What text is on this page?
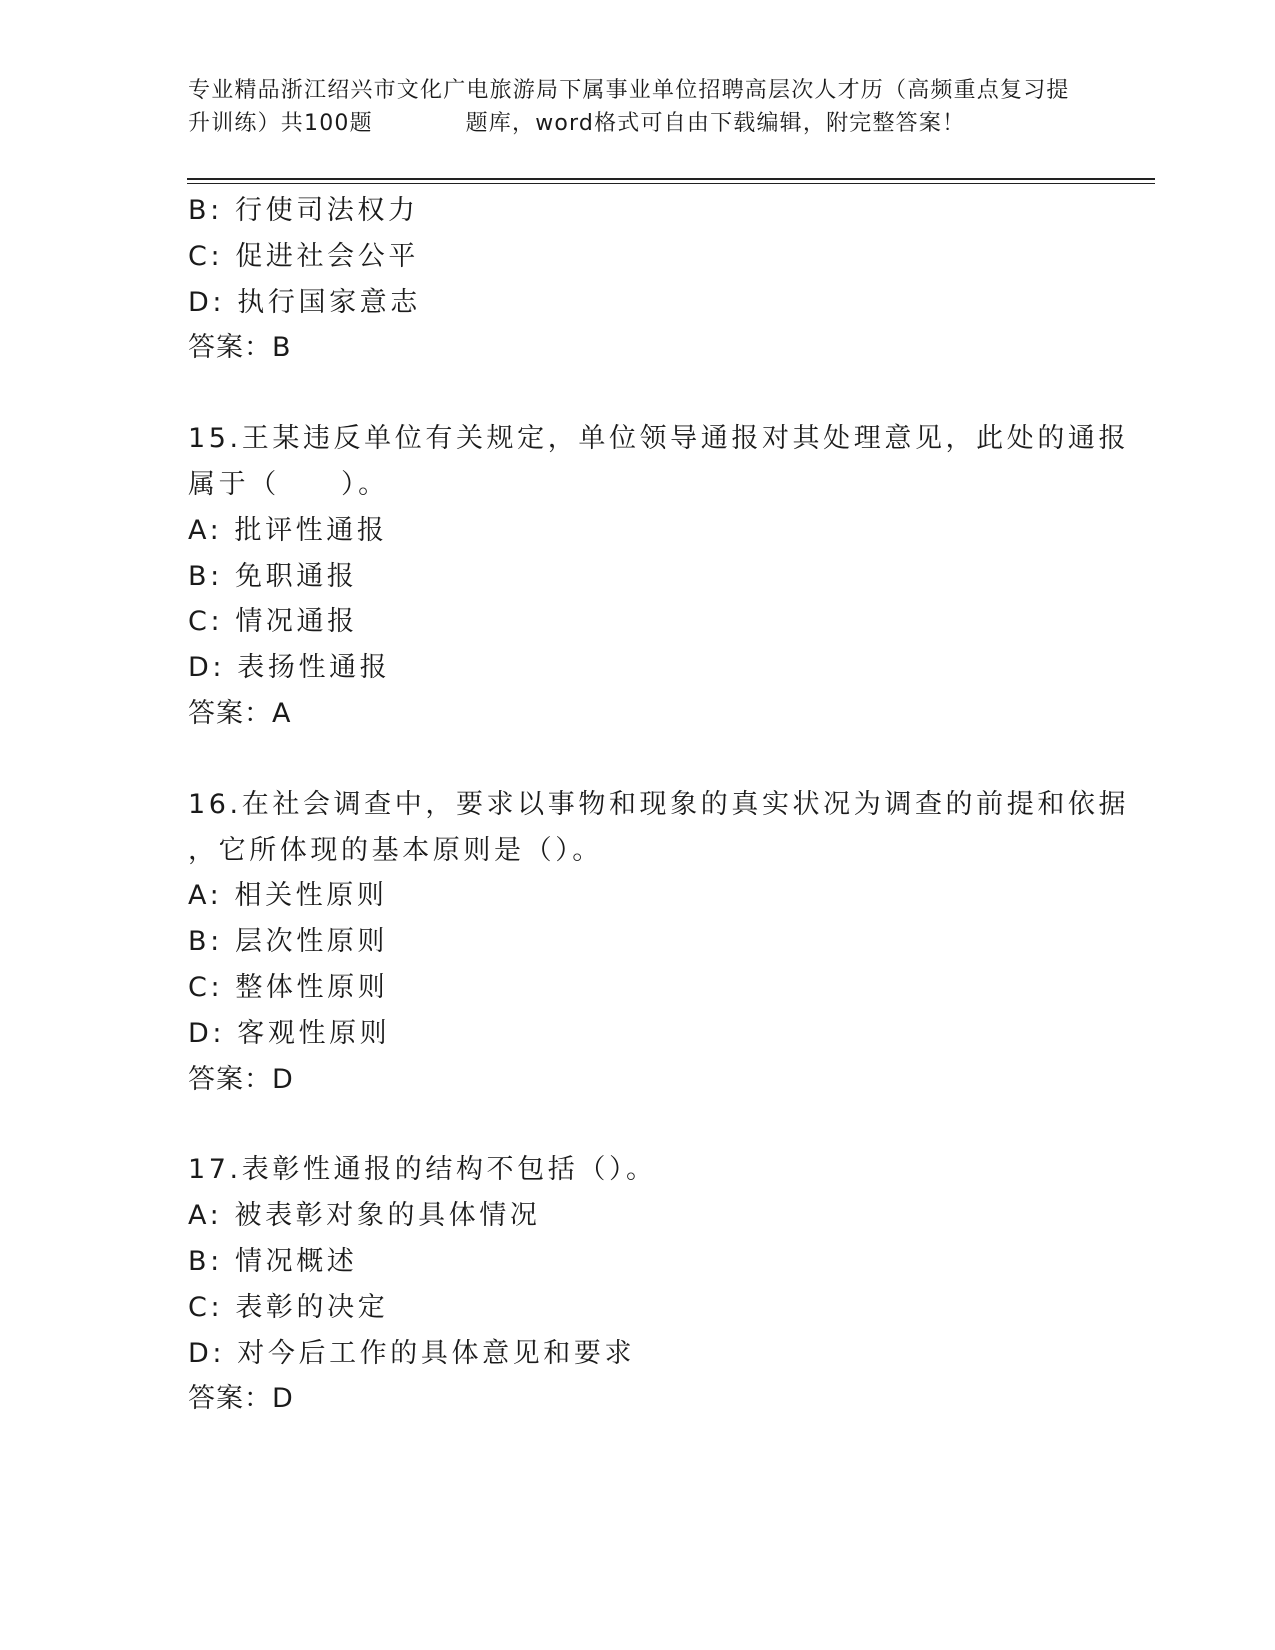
专业精品浙江绍兴市文化广电旅游局下属事业单位招聘高层次人才历（高频重点复习提升训练）共100题　　　　题库，word格式可自由下载编辑，附完整答案！
B: 行使司法权力
C: 促进社会公平
D: 执行国家意志
答案：B
15.王某违反单位有关规定，单位领导通报对其处理意见，此处的通报
属于（　　）。
A: 批评性通报
B: 免职通报
C: 情况通报
D: 表扬性通报
答案：A
16.在社会调查中，要求以事物和现象的真实状况为调查的前提和依据
，它所体现的基本原则是（）。
A: 相关性原则
B: 层次性原则
C: 整体性原则
D: 客观性原则
答案：D
17.表彰性通报的结构不包括（）。
A: 被表彰对象的具体情况
B: 情况概述
C: 表彰的决定
D: 对今后工作的具体意见和要求
答案：D
